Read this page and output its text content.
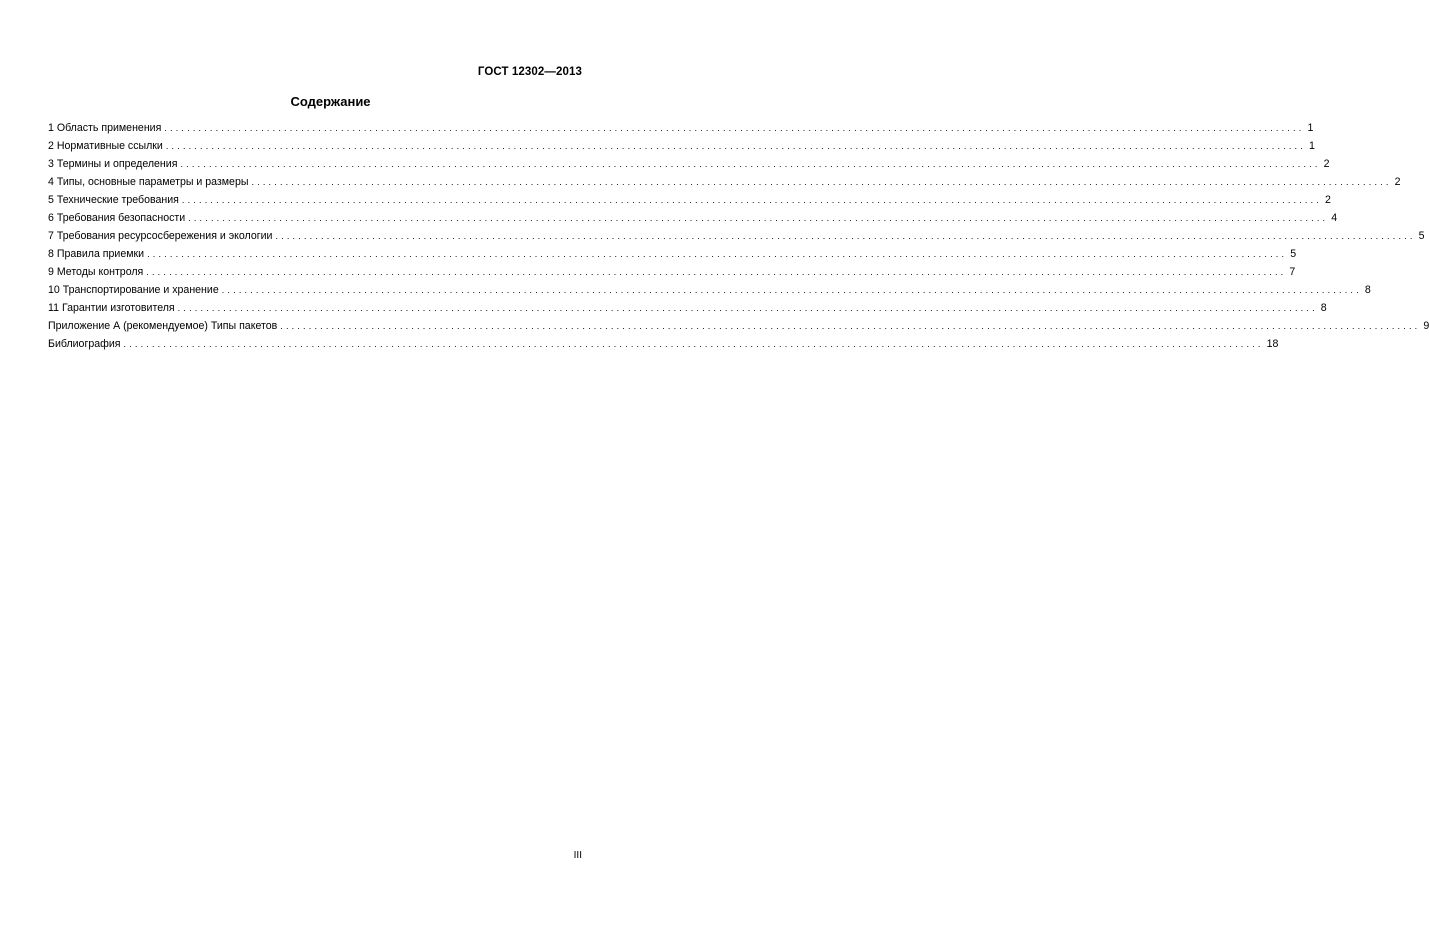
ГОСТ 12302—2013
Содержание
1 Область применения ........................................................................................................................................................................................................ 1
2 Нормативные ссылки ........................................................................................................................................................................................................ 1
3 Термины и определения ........................................................................................................................................................................................................ 2
4 Типы, основные параметры и размеры ........................................................................................................................................................................................................ 2
5 Технические требования ........................................................................................................................................................................................................ 2
6 Требования безопасности ........................................................................................................................................................................................................ 4
7 Требования ресурсосбережения и экологии ........................................................................................................................................................................................................ 5
8 Правила приемки ........................................................................................................................................................................................................ 5
9 Методы контроля ........................................................................................................................................................................................................ 7
10 Транспортирование и хранение ........................................................................................................................................................................................................ 8
11 Гарантии изготовителя ........................................................................................................................................................................................................ 8
Приложение А (рекомендуемое) Типы пакетов ........................................................................................................................................................................................................ 9
Библиография ........................................................................................................................................................................................................ 18
III
